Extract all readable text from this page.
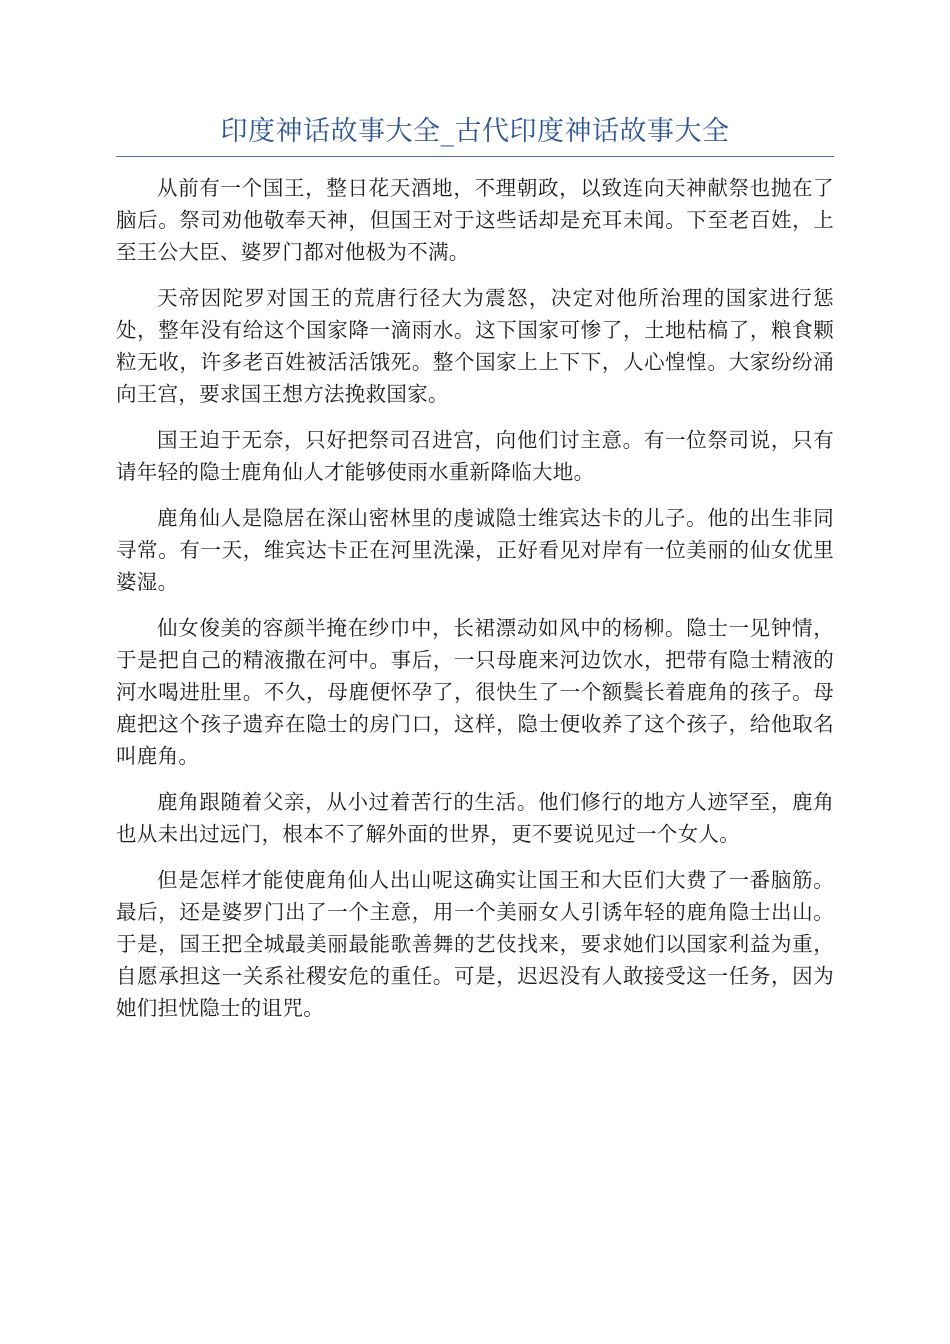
印度神话故事大全_古代印度神话故事大全

从前有一个国王，整日花天酒地，不理朝政，以致连向天神献祭也抛在了脑后。祭司劝他敬奉天神，但国王对于这些话却是充耳未闻。下至老百姓，上至王公大臣、婆罗门都对他极为不满。

天帝因陀罗对国王的荒唐行径大为震怒，决定对他所治理的国家进行惩处，整年没有给这个国家降一滴雨水。这下国家可惨了，土地枯槁了，粮食颗粒无收，许多老百姓被活活饿死。整个国家上上下下，人心惶惶。大家纷纷涌向王宫，要求国王想方法挽救国家。

国王迫于无奈，只好把祭司召进宫，向他们讨主意。有一位祭司说，只有请年轻的隐士鹿角仙人才能够使雨水重新降临大地。

鹿角仙人是隐居在深山密林里的虔诚隐士维宾达卡的儿子。他的出生非同寻常。有一天，维宾达卡正在河里洗澡，正好看见对岸有一位美丽的仙女优里婆湿。

仙女俊美的容颜半掩在纱巾中，长裙漂动如风中的杨柳。隐士一见钟情，于是把自己的精液撒在河中。事后，一只母鹿来河边饮水，把带有隐士精液的河水喝进肚里。不久，母鹿便怀孕了，很快生了一个额鬓长着鹿角的孩子。母鹿把这个孩子遗弃在隐士的房门口，这样，隐士便收养了这个孩子，给他取名叫鹿角。

鹿角跟随着父亲，从小过着苦行的生活。他们修行的地方人迹罕至，鹿角也从未出过远门，根本不了解外面的世界，更不要说见过一个女人。

但是怎样才能使鹿角仙人出山呢这确实让国王和大臣们大费了一番脑筋。最后，还是婆罗门出了一个主意，用一个美丽女人引诱年轻的鹿角隐士出山。于是，国王把全城最美丽最能歌善舞的艺伎找来，要求她们以国家利益为重，自愿承担这一关系社稷安危的重任。可是，迟迟没有人敢接受这一任务，因为她们担忧隐士的诅咒。
